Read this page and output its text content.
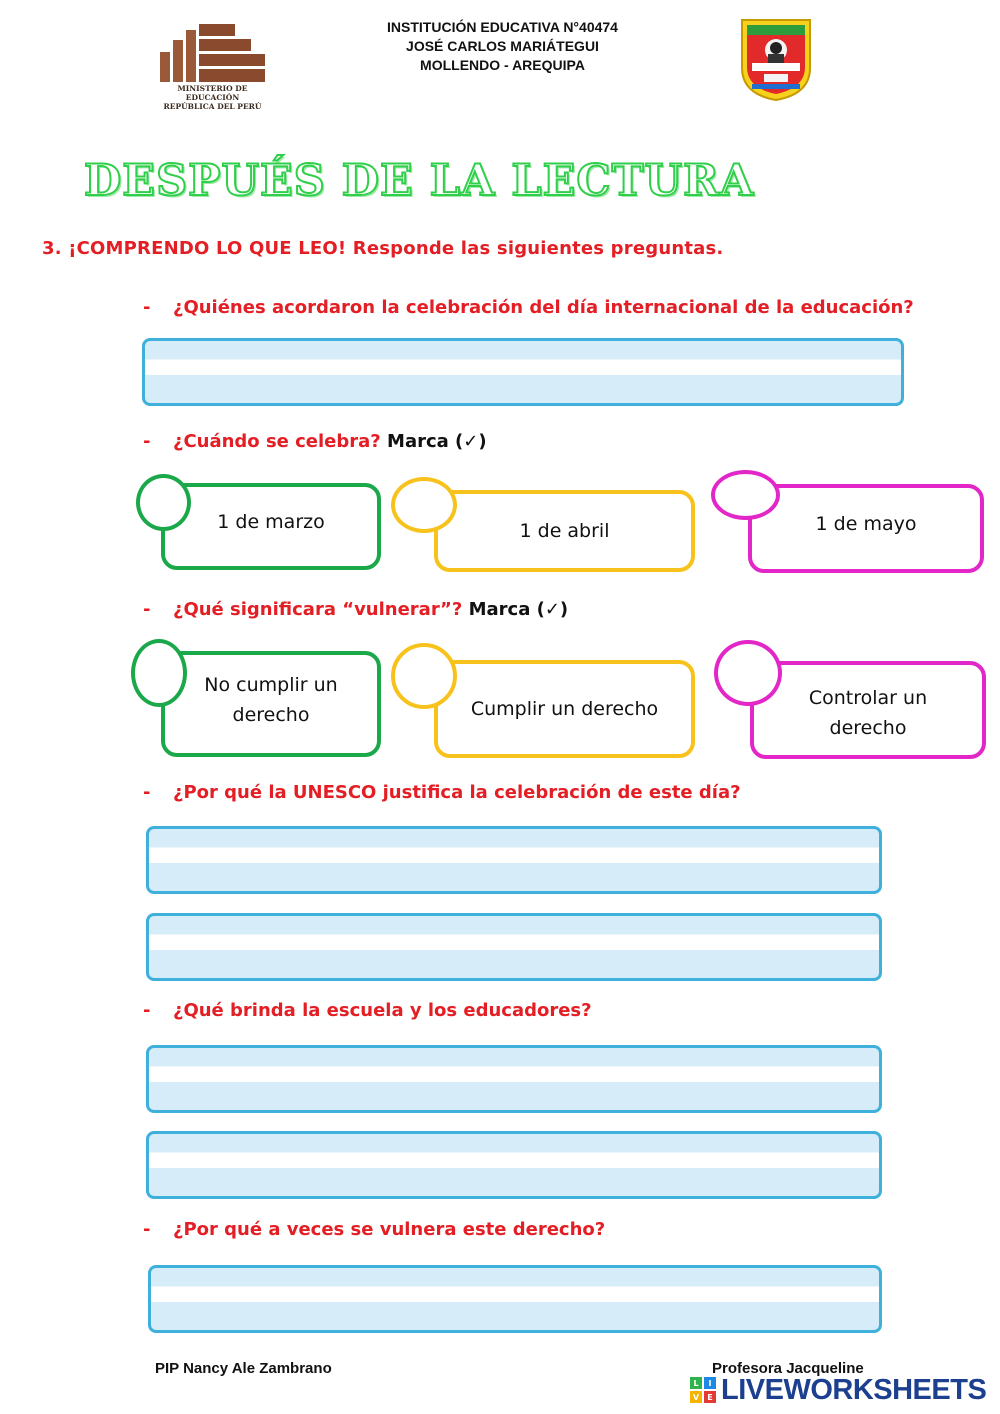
MINISTERIO DE EDUCACIÓN
REPÚBLICA DEL PERÚ
INSTITUCIÓN EDUCATIVA N°40474
JOSÉ CARLOS MARIÁTEGUI
MOLLENDO - AREQUIPA
DESPUÉS DE LA LECTURA
3. ¡COMPRENDO LO QUE LEO! Responde las siguientes preguntas.
- ¿Quiénes acordaron la celebración del día internacional de la educación?
- ¿Cuándo se celebra? Marca (✓)
1 de marzo	1 de abril	1 de mayo
- ¿Qué significara “vulnerar”? Marca (✓)
No cumplir un derecho	Cumplir un derecho	Controlar un derecho
- ¿Por qué la UNESCO justifica la celebración de este día?
- ¿Qué brinda la escuela y los educadores?
- ¿Por qué a veces se vulnera este derecho?
PIP Nancy Ale Zambrano	Profesora Jacqueline
L	I
V	E LIVEWORKSHEETS
